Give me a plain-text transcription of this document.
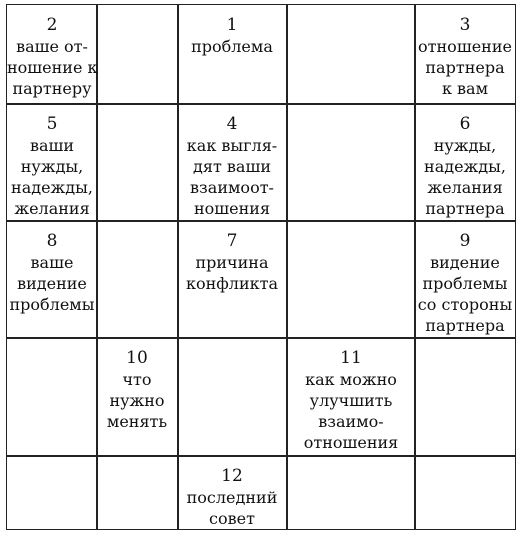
2
ваше от-
ношение к
партнеру
1
проблема
3
отношение
партнера
к вам
5
ваши
нужды,
надежды,
желания
4
как выгля-
дят ваши
взаимоот-
ношения
6
нужды,
надежды,
желания
партнера
8
ваше
видение
проблемы
7
причина
конфликта
9
видение
проблемы
со стороны
партнера
10
что
нужно
менять
11
как можно
улучшить
взаимо-
отношения
12
последний
совет
